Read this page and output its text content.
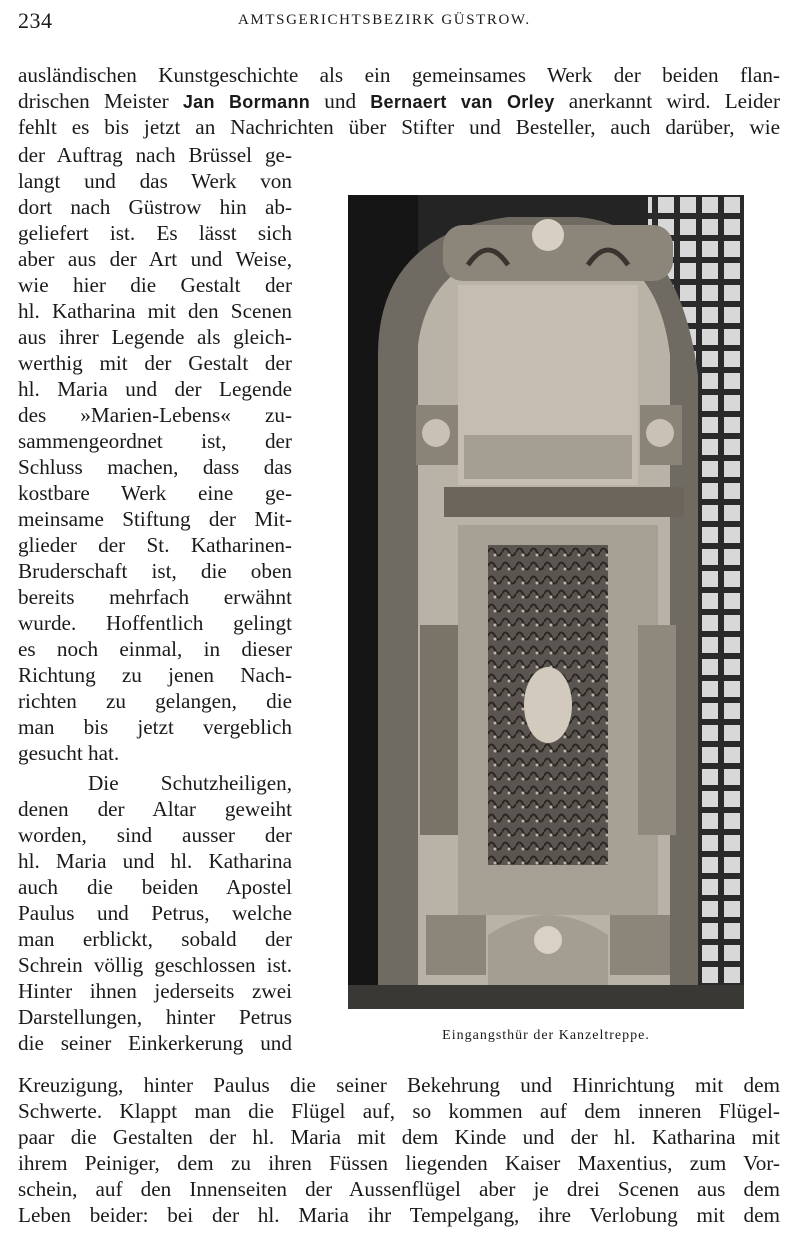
234	AMTSGERICHTSBEZIRK GÜSTROW.
ausländischen Kunstgeschichte als ein gemeinsames Werk der beiden flan-
drischen Meister Jan Bormann und Bernaert van Orley anerkannt wird. Leider
fehlt es bis jetzt an Nachrichten über Stifter und Besteller, auch darüber, wie
der Auftrag nach Brüssel ge-
langt und das Werk von
dort nach Güstrow hin ab-
geliefert ist. Es lässt sich
aber aus der Art und Weise,
wie hier die Gestalt der
hl. Katharina mit den Scenen
aus ihrer Legende als gleich-
werthig mit der Gestalt der
hl. Maria und der Legende
des »Marien-Lebens« zu-
sammengeordnet ist, der
Schluss machen, dass das
kostbare Werk eine ge-
meinsame Stiftung der Mit-
glieder der St. Katharinen-
Bruderschaft ist, die oben
bereits mehrfach erwähnt
wurde. Hoffentlich gelingt
es noch einmal, in dieser
Richtung zu jenen Nach-
richten zu gelangen, die
man bis jetzt vergeblich
gesucht hat.
Die Schutzheiligen,
denen der Altar geweiht
worden, sind ausser der
hl. Maria und hl. Katharina
auch die beiden Apostel
Paulus und Petrus, welche
man erblickt, sobald der
Schrein völlig geschlossen ist.
Hinter ihnen jederseits zwei
Darstellungen, hinter Petrus
die seiner Einkerkerung und	Eingangsthür der Kanzeltreppe.
Kreuzigung, hinter Paulus die seiner Bekehrung und Hinrichtung mit dem
Schwerte. Klappt man die Flügel auf, so kommen auf dem inneren Flügel-
paar die Gestalten der hl. Maria mit dem Kinde und der hl. Katharina mit
ihrem Peiniger, dem zu ihren Füssen liegenden Kaiser Maxentius, zum Vor-
schein, auf den Innenseiten der Aussenflügel aber je drei Scenen aus dem
Leben beider: bei der hl. Maria ihr Tempelgang, ihre Verlobung mit dem
